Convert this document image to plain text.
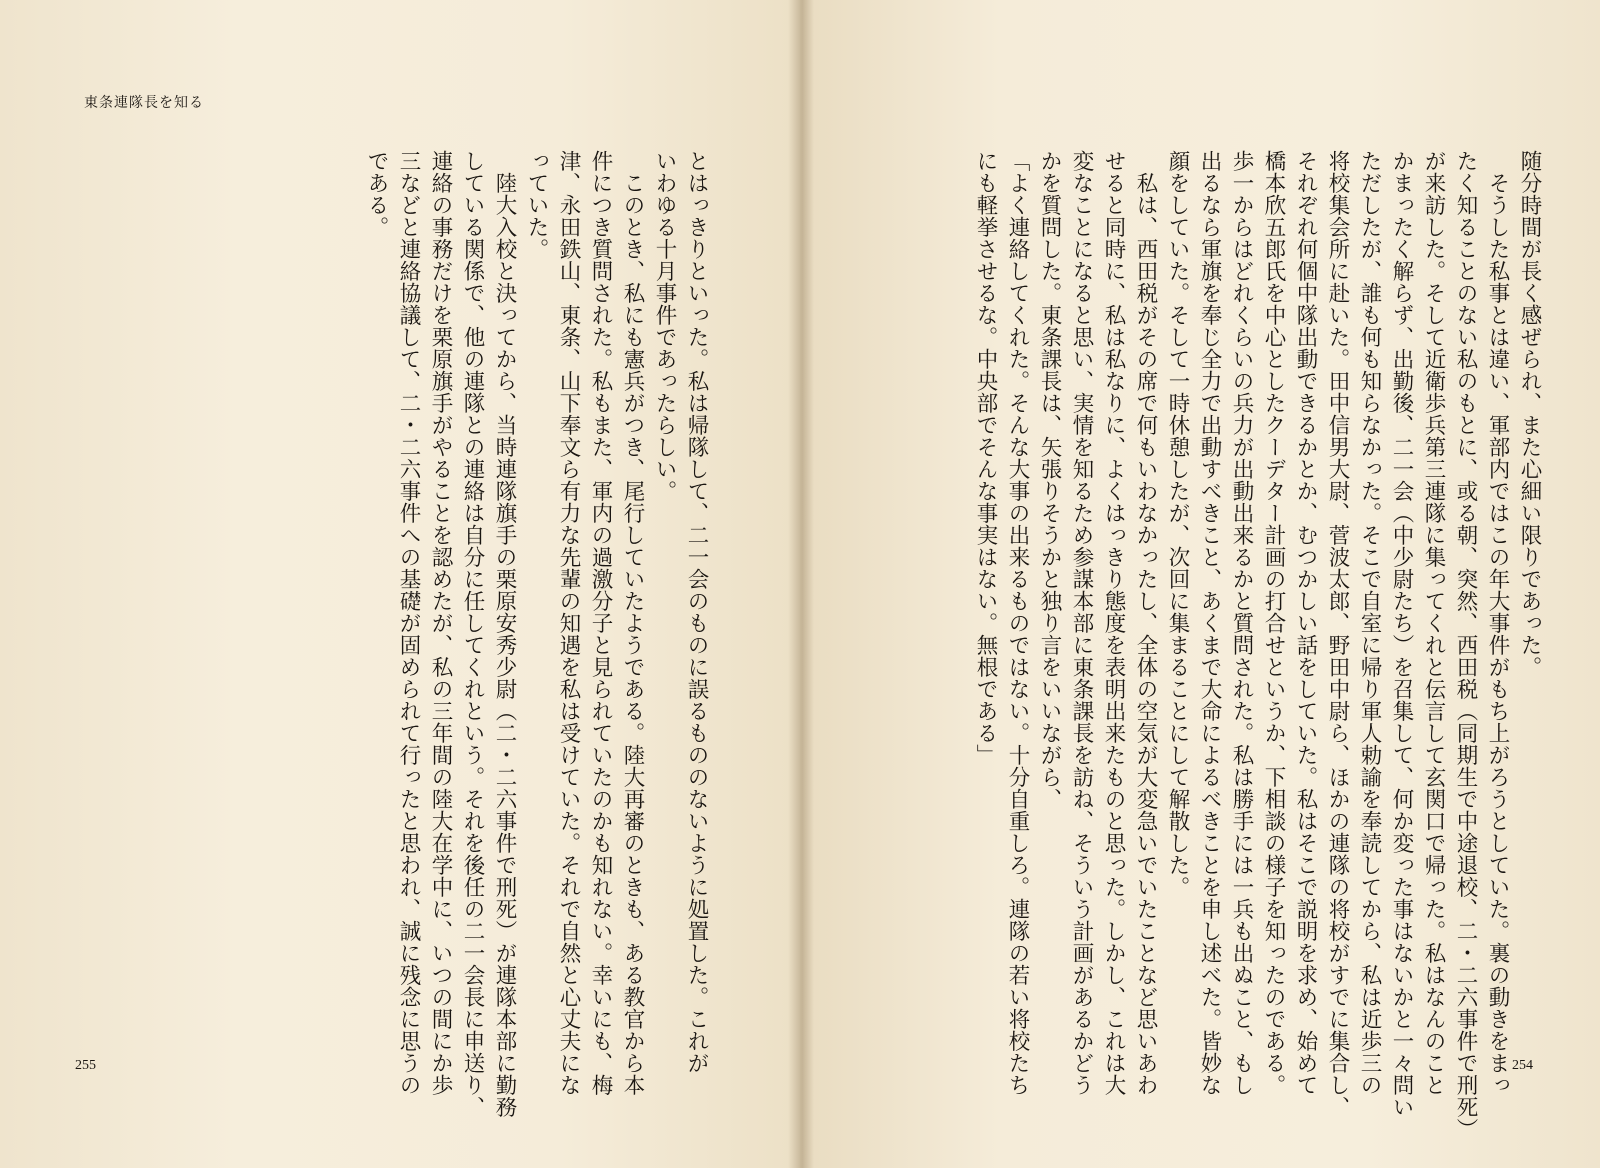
東条連隊長を知る
とはっきりといった。私は帰隊して、二一会のものに誤るもののないように処置した。これが
いわゆる十月事件であったらしい。
このとき、私にも憲兵がつき、尾行していたようである。陸大再審のときも、ある教官から本
件につき質問された。私もまた、軍内の過激分子と見られていたのかも知れない。幸いにも、梅
津、永田鉄山、東条、山下奉文ら有力な先輩の知遇を私は受けていた。それで自然と心丈夫にな
っていた。
陸大入校と決ってから、当時連隊旗手の栗原安秀少尉（二・二六事件で刑死）が連隊本部に勤務
している関係で、他の連隊との連絡は自分に任してくれという。それを後任の二一会長に申送り、
連絡の事務だけを栗原旗手がやることを認めたが、私の三年間の陸大在学中に、いつの間にか歩
三などと連絡協議して、二・二六事件への基礎が固められて行ったと思われ、誠に残念に思うの
である。
255
随分時間が長く感ぜられ、また心細い限りであった。
そうした私事とは違い、軍部内ではこの年大事件がもち上がろうとしていた。裏の動きをまっ
たく知ることのない私のもとに、或る朝、突然、西田税（同期生で中途退校、二・二六事件で刑死）
が来訪した。そして近衛歩兵第三連隊に集ってくれと伝言して玄関口で帰った。私はなんのこと
かまったく解らず、出勤後、二一会（中少尉たち）を召集して、何か変った事はないかと一々問い
ただしたが、誰も何も知らなかった。そこで自室に帰り軍人勅諭を奉読してから、私は近歩三の
将校集会所に赴いた。田中信男大尉、菅波太郎、野田中尉ら、ほかの連隊の将校がすでに集合し、
それぞれ何個中隊出動できるかとか、むつかしい話をしていた。私はそこで説明を求め、始めて
橋本欣五郎氏を中心としたクーデター計画の打合せというか、下相談の様子を知ったのである。
歩一からはどれくらいの兵力が出動出来るかと質問された。私は勝手には一兵も出ぬこと、もし
出るなら軍旗を奉じ全力で出動すべきこと、あくまで大命によるべきことを申し述べた。皆妙な
顔をしていた。そして一時休憩したが、次回に集まることにして解散した。
私は、西田税がその席で何もいわなかったし、全体の空気が大変急いでいたことなど思いあわ
せると同時に、私は私なりに、よくはっきり態度を表明出来たものと思った。しかし、これは大
変なことになると思い、実情を知るため参謀本部に東条課長を訪ね、そういう計画があるかどう
かを質問した。東条課長は、矢張りそうかと独り言をいいながら、
「よく連絡してくれた。そんな大事の出来るものではない。十分自重しろ。連隊の若い将校たち
にも軽挙させるな。中央部でそんな事実はない。無根である」
254
